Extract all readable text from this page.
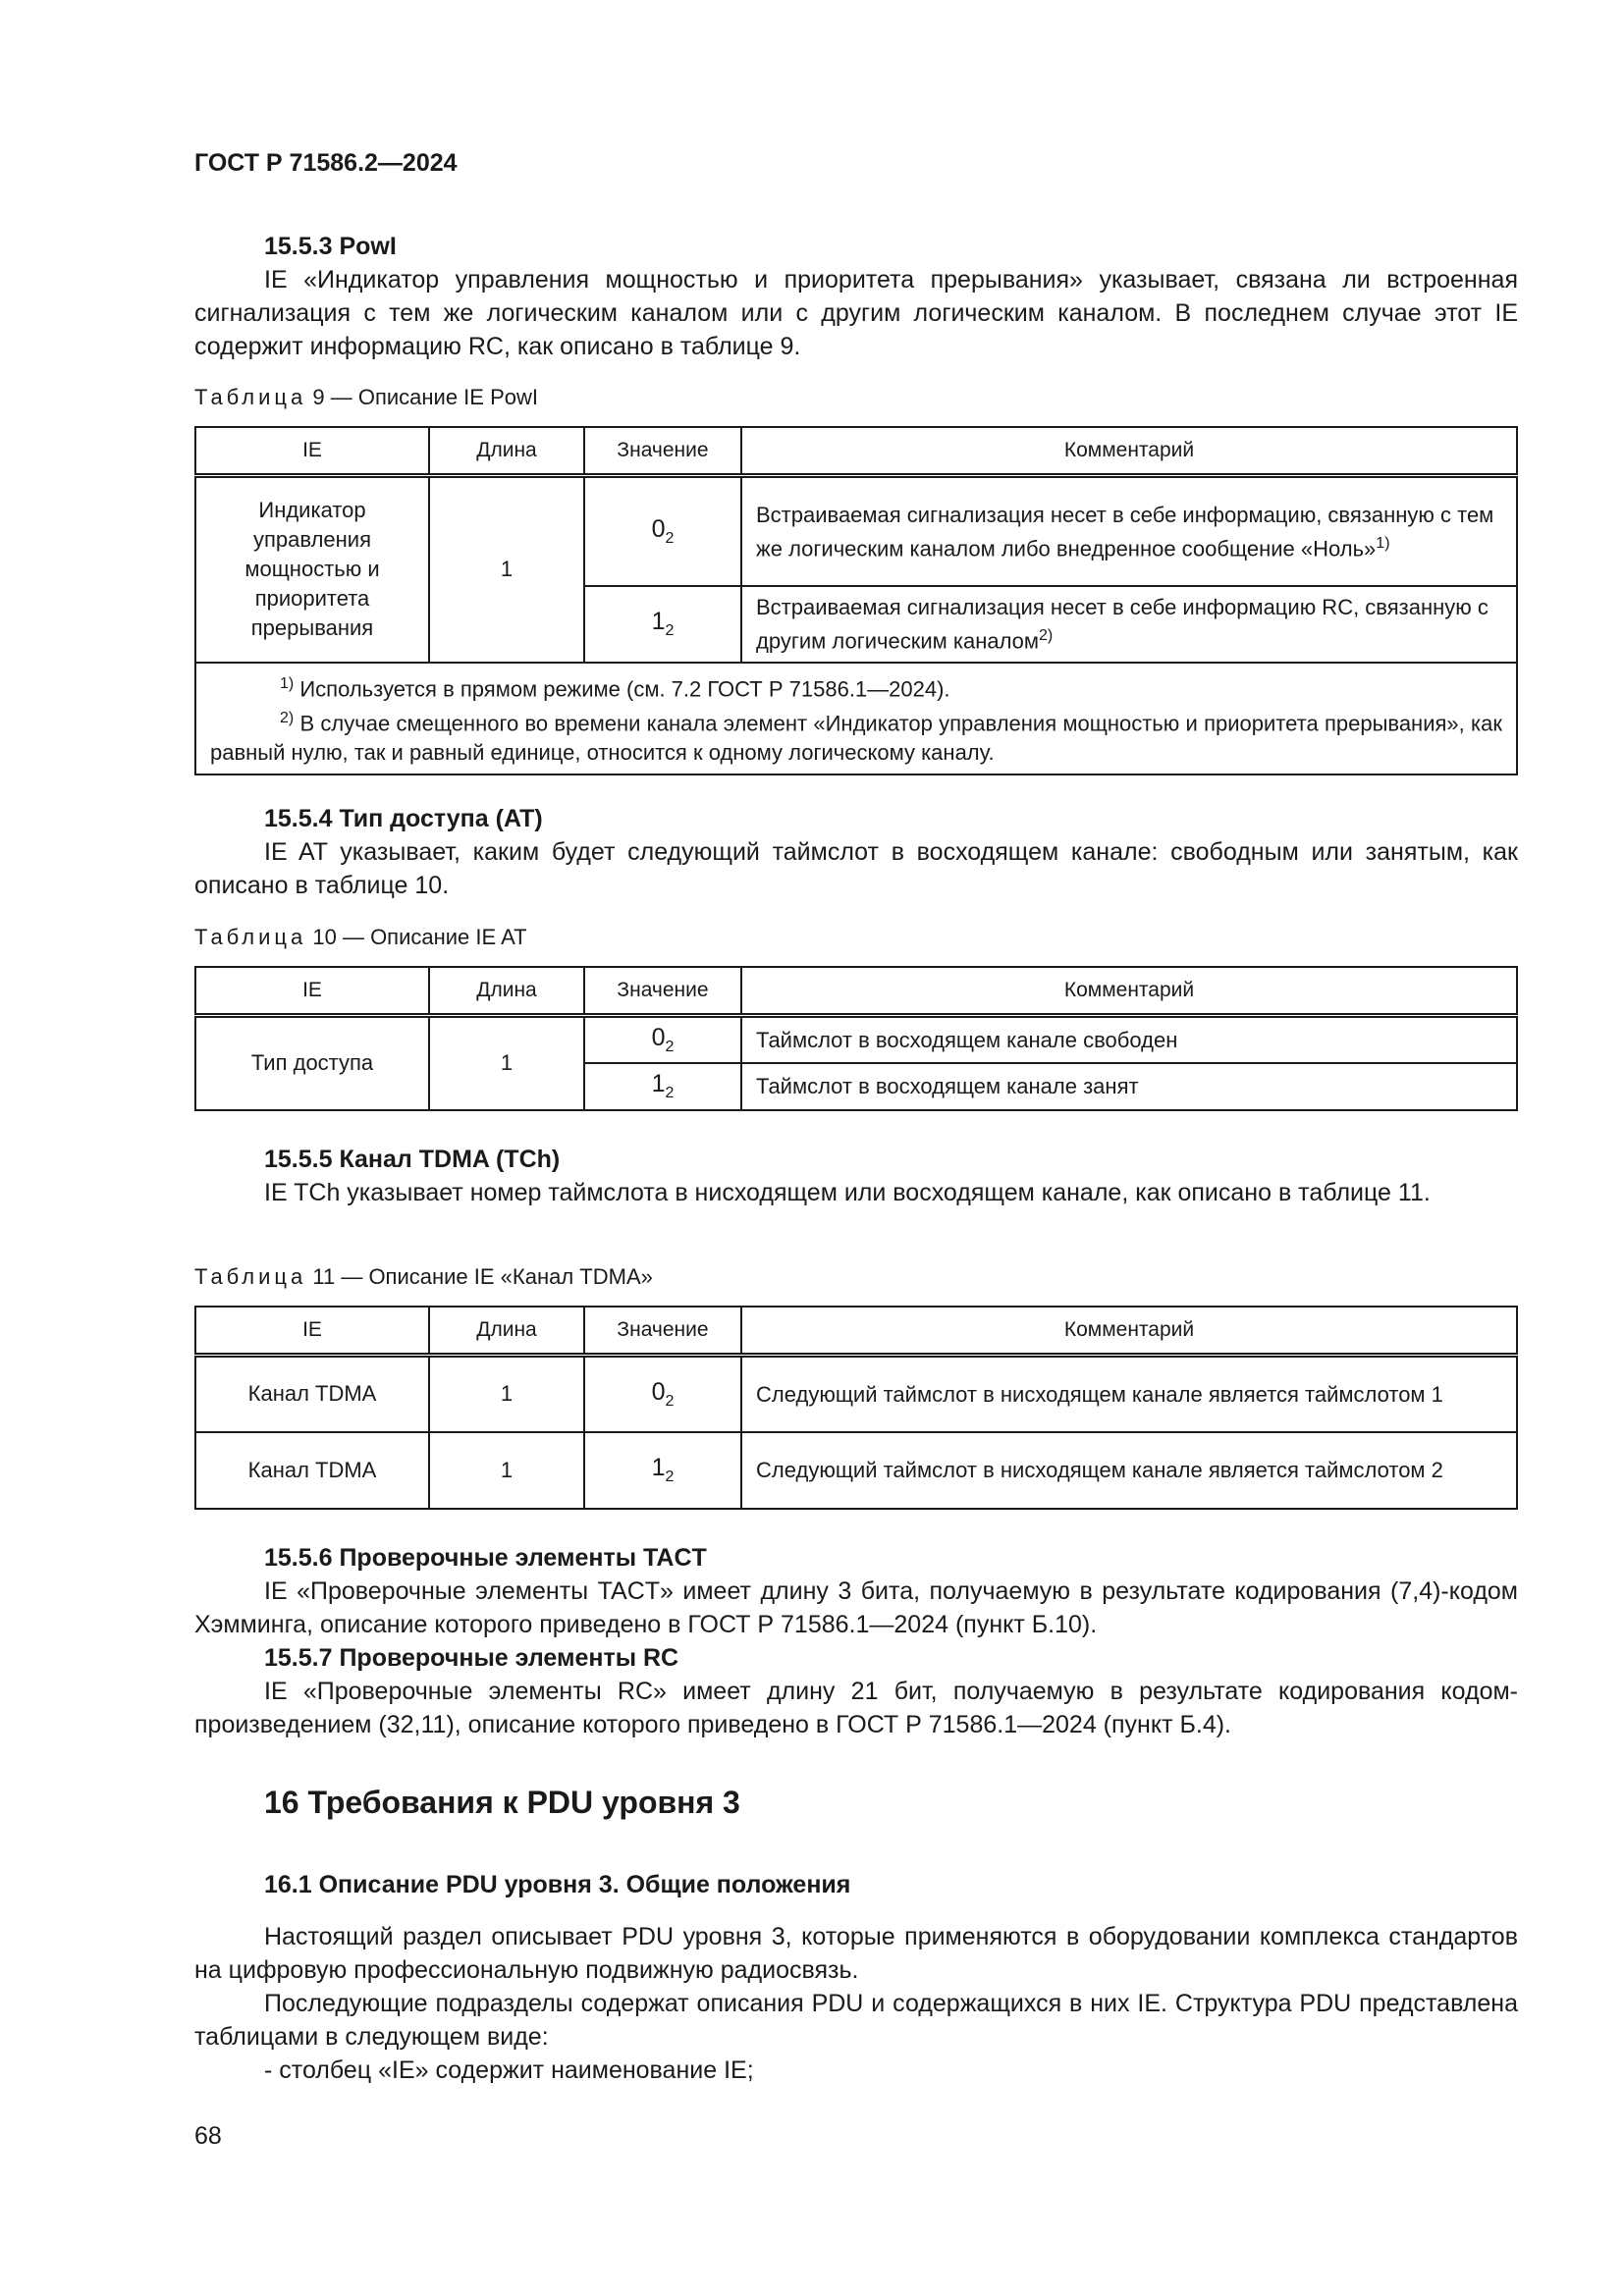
ГОСТ Р 71586.2—2024
15.5.3 PowI

IE «Индикатор управления мощностью и приоритета прерывания» указывает, связана ли встроенная сигнализация с тем же логическим каналом или с другим логическим каналом. В последнем случае этот IE содержит информацию RC, как описано в таблице 9.

Таблица 9 — Описание IE PowI
IE	Длина	Значение	Комментарий
Индикатор управления мощностью и приоритета прерывания	1	$0_2$	Встраиваемая сигнализация несет в себе информацию, связанную с тем же логическим каналом либо внедренное сообщение «Ноль»$^{1)}$
		$1_2$	Встраиваемая сигнализация несет в себе информацию RC, связанную с другим логическим каналом$^{2)}$

$^{1)}$ Используется в прямом режиме (см. 7.2 ГОСТ Р 71586.1—2024).
$^{2)}$ В случае смещенного во времени канала элемент «Индикатор управления мощностью и приоритета прерывания», как равный нулю, так и равный единице, относится к одному логическому каналу.			
15.5.4 Тип доступа (AT)

IE AT указывает, каким будет следующий таймслот в восходящем канале: свободным или занятым, как описано в таблице 10.

Таблица 10 — Описание IE AT
IE	Длина	Значение	Комментарий
Тип доступа	1	$0_2$	Таймслот в восходящем канале свободен
		$1_2$	Таймслот в восходящем канале занят
15.5.5 Канал TDMA (TCh)

IE TCh указывает номер таймслота в нисходящем или восходящем канале, как описано в таблице 11.

Таблица 11 — Описание IE «Канал TDMA»
IE	Длина	Значение	Комментарий
Канал TDMA	1	$0_2$	Следующий таймслот в нисходящем канале является таймслотом 1
Канал TDMA	1	$1_2$	Следующий таймслот в нисходящем канале является таймслотом 2
15.5.6 Проверочные элементы TACT

IE «Проверочные элементы TACT» имеет длину 3 бита, получаемую в результате кодирования (7,4)-кодом Хэмминга, описание которого приведено в ГОСТ Р 71586.1—2024 (пункт Б.10).

15.5.7 Проверочные элементы RC

IE «Проверочные элементы RC» имеет длину 21 бит, получаемую в результате кодирования кодом-произведением (32,11), описание которого приведено в ГОСТ Р 71586.1—2024 (пункт Б.4).

16 Требования к PDU уровня 3
16.1 Описание PDU уровня 3. Общие положения

Настоящий раздел описывает PDU уровня 3, которые применяются в оборудовании комплекса стандартов на цифровую профессиональную подвижную радиосвязь.

Последующие подразделы содержат описания PDU и содержащихся в них IE. Структура PDU представлена таблицами в следующем виде:

- столбец «IE» содержит наименование IE;

68
